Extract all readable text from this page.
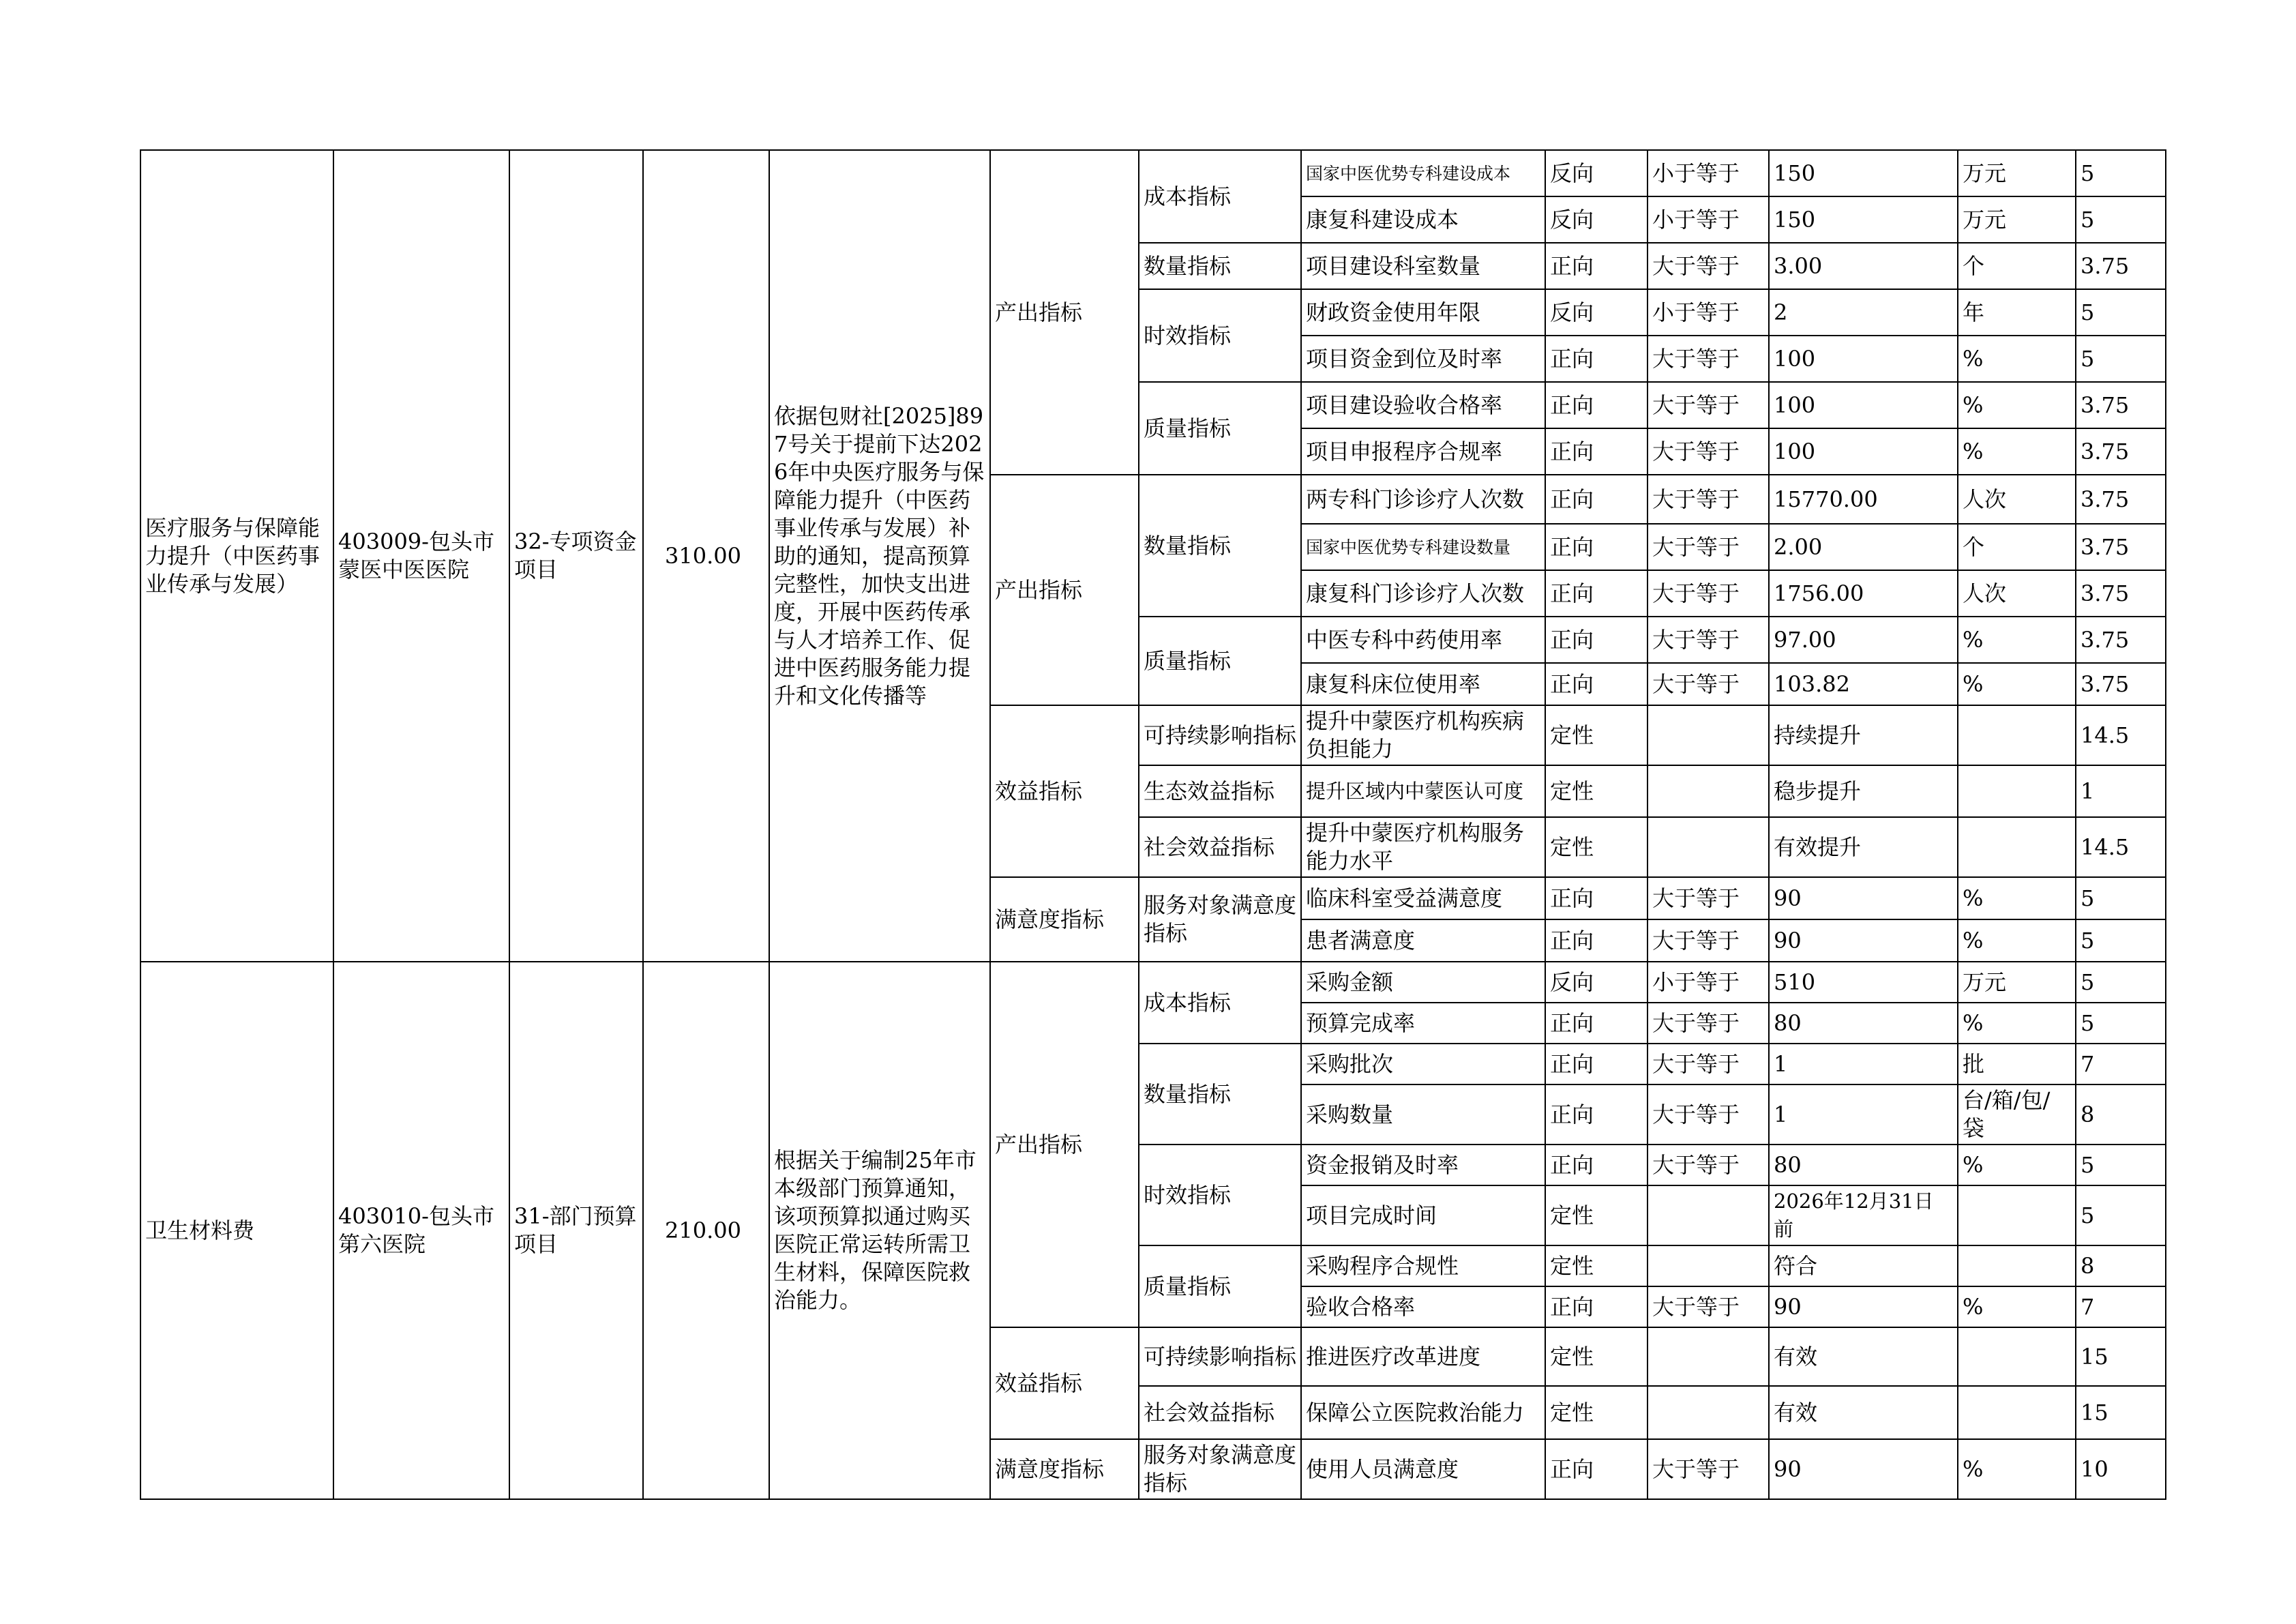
医疗服务与保障能力提升（中医药事业传承与发展）	403009-包头市蒙医中医医院	32-专项资金项目	310.00	依据包财社[2025]897号关于提前下达2026年中央医疗服务与保障能力提升（中医药事业传承与发展）补助的通知，提高预算完整性，加快支出进度，开展中医药传承与人才培养工作、促进中医药服务能力提升和文化传播等	产出指标	成本指标	国家中医优势专科建设成本	反向	小于等于	150	万元	5
							康复科建设成本	反向	小于等于	150	万元	5
						数量指标	项目建设科室数量	正向	大于等于	3.00	个	3.75
						时效指标	财政资金使用年限	反向	小于等于	2	年	5
							项目资金到位及时率	正向	大于等于	100	%	5
						质量指标	项目建设验收合格率	正向	大于等于	100	%	3.75
							项目申报程序合规率	正向	大于等于	100	%	3.75
					产出指标	数量指标	两专科门诊诊疗人次数	正向	大于等于	15770.00	人次	3.75
							国家中医优势专科建设数量	正向	大于等于	2.00	个	3.75
							康复科门诊诊疗人次数	正向	大于等于	1756.00	人次	3.75
						质量指标	中医专科中药使用率	正向	大于等于	97.00	%	3.75
							康复科床位使用率	正向	大于等于	103.82	%	3.75
					效益指标	可持续影响指标	提升中蒙医疗机构疾病负担能力	定性		持续提升		14.5
						生态效益指标	提升区域内中蒙医认可度	定性		稳步提升		1
						社会效益指标	提升中蒙医疗机构服务能力水平	定性		有效提升		14.5
					满意度指标	服务对象满意度指标	临床科室受益满意度	正向	大于等于	90	%	5
							患者满意度	正向	大于等于	90	%	5
卫生材料费	403010-包头市第六医院	31-部门预算项目	210.00	根据关于编制25年市本级部门预算通知，该项预算拟通过购买医院正常运转所需卫生材料，保障医院救治能力。	产出指标	成本指标	采购金额	反向	小于等于	510	万元	5
							预算完成率	正向	大于等于	80	%	5
						数量指标	采购批次	正向	大于等于	1	批	7
							采购数量	正向	大于等于	1	台/箱/包/袋	8
						时效指标	资金报销及时率	正向	大于等于	80	%	5
							项目完成时间	定性		2026年12月31日前		5
						质量指标	采购程序合规性	定性		符合		8
							验收合格率	正向	大于等于	90	%	7
					效益指标	可持续影响指标	推进医疗改革进度	定性		有效		15
						社会效益指标	保障公立医院救治能力	定性		有效		15
					满意度指标	服务对象满意度指标	使用人员满意度	正向	大于等于	90	%	10
